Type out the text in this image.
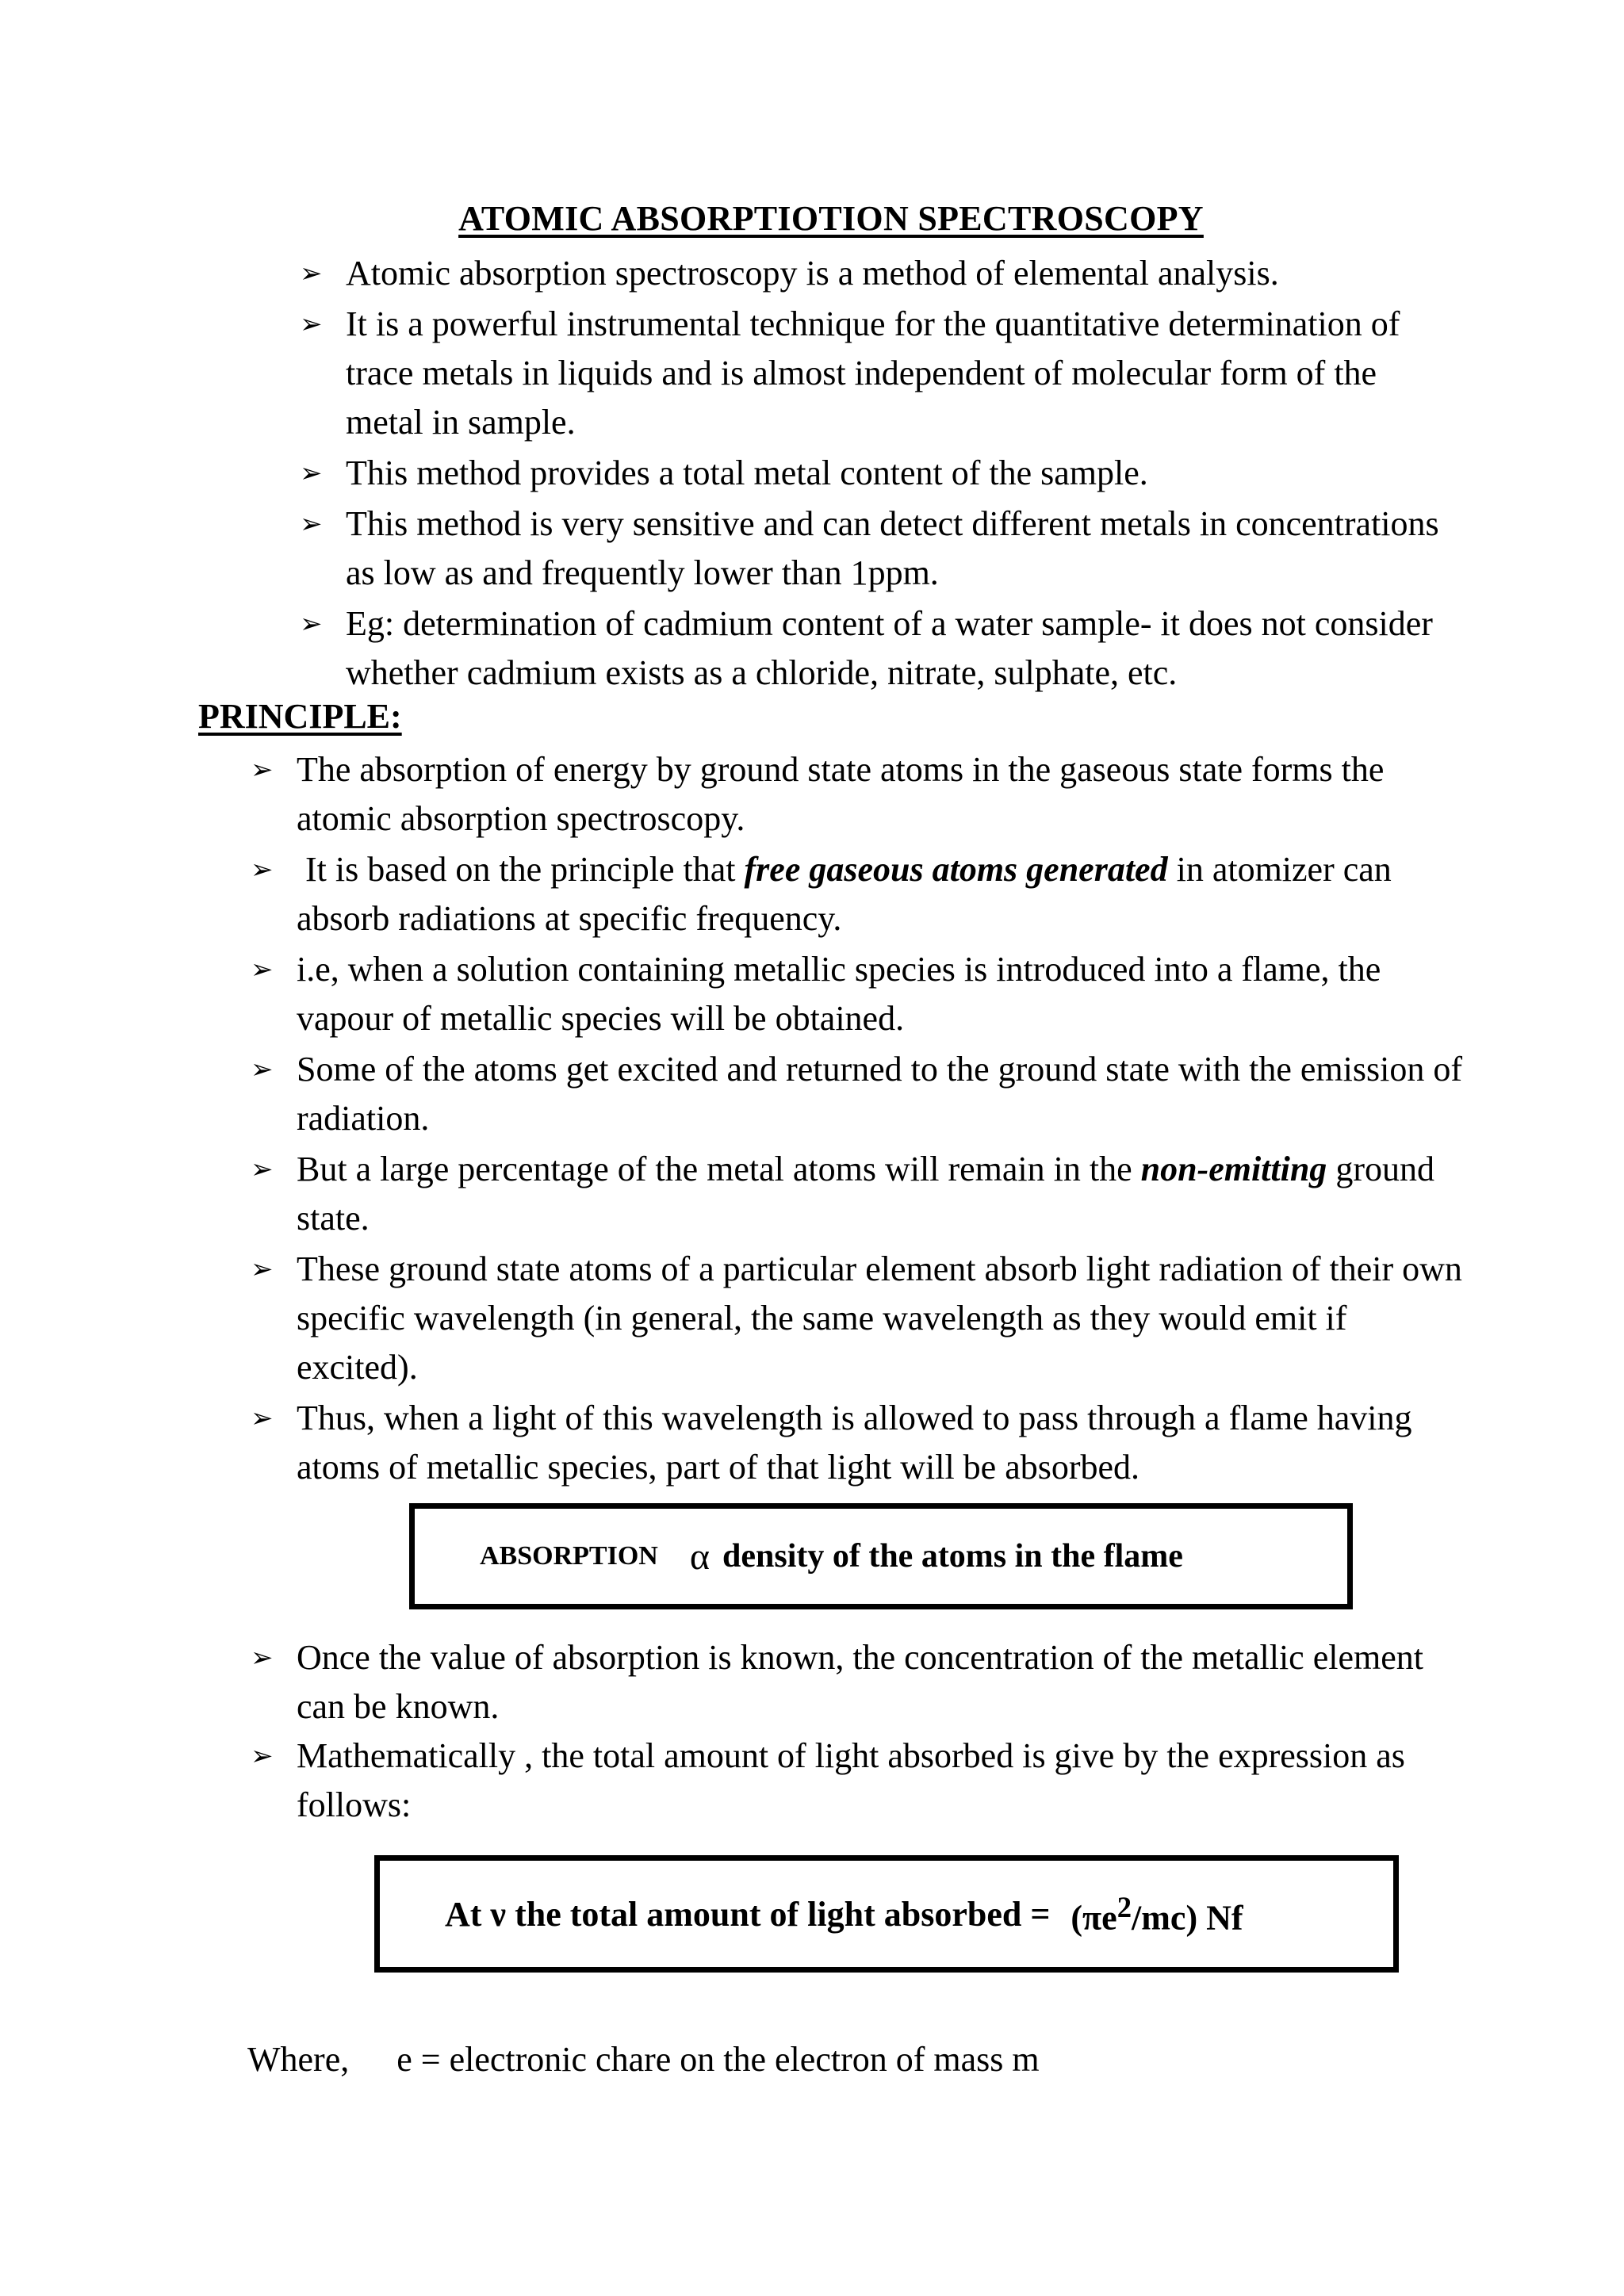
ATOMIC ABSORPTIOTION SPECTROSCOPY
➢ Atomic absorption spectroscopy is a method of elemental analysis.
➢ It is a powerful instrumental technique for the quantitative determination of trace metals in liquids and is almost independent of molecular form of the metal in sample.
➢ This method provides a total metal content of the sample.
➢ This method is very sensitive and can detect different metals in concentrations as low as and frequently lower than 1ppm.
➢ Eg: determination of cadmium content of a water sample- it does not consider whether cadmium exists as a chloride, nitrate, sulphate, etc.
PRINCIPLE:
➢ The absorption of energy by ground state atoms in the gaseous state forms the atomic absorption spectroscopy.
➢ It is based on the principle that free gaseous atoms generated in atomizer can absorb radiations at specific frequency.
➢ i.e, when a solution containing metallic species is introduced into a flame, the vapour of metallic species will be obtained.
➢ Some of the atoms get excited and returned to the ground state with the emission of radiation.
➢ But a large percentage of the metal atoms will remain in the non-emitting ground state.
➢ These ground state atoms of a particular element absorb light radiation of their own specific wavelength (in general, the same wavelength as they would emit if excited).
➢ Thus, when a light of this wavelength is allowed to pass through a flame having atoms of metallic species, part of that light will be absorbed.
ABSORPTION α density of the atoms in the flame
➢ Once the value of absorption is known, the concentration of the metallic element can be known.
➢ Mathematically , the total amount of light absorbed is give by the expression as follows:
At ν the total amount of light absorbed = $(\pi e^2/mc)$ Nf
Where, e = electronic chare on the electron of mass m
